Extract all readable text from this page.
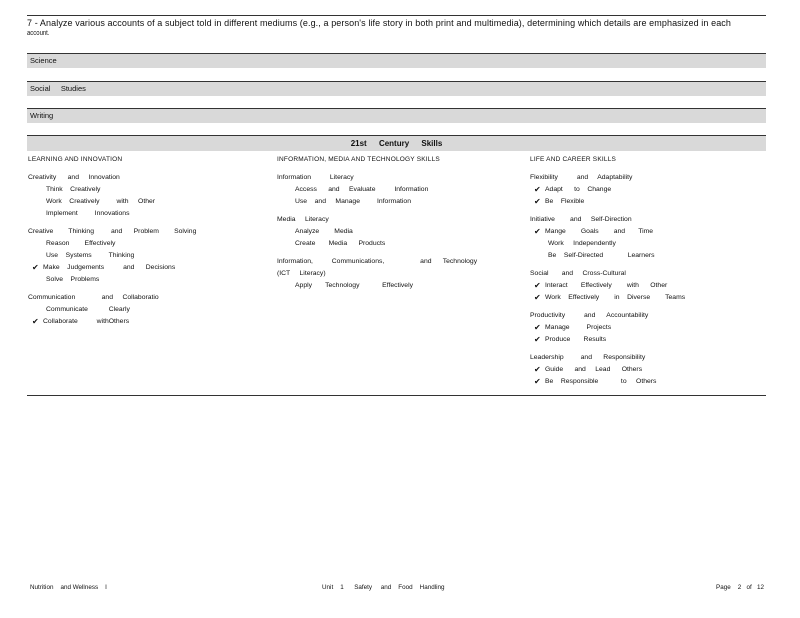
7 - Analyze various accounts of a subject told in different mediums (e.g., a person's life story in both print and multimedia), determining which details are emphasized in each
account.
Science
Social     Studies
Writing
21st Century Skills
LEARNING AND INNOVATION
Creativity      and     Innovation
Think    Creatively
Work    Creatively         with     Other
Implement         Innovations
Creative        Thinking         and      Problem        Solving
Reason        Effectively
Use    Systems         Thinking
✔ Make    Judgements          and      Decisions
Solve    Problems
Communication              and     Collaboratio
Communicate           Clearly
✔ Collaborate          withOthers
INFORMATION, MEDIA AND TECHNOLOGY SKILLS
Information          Literacy
Access      and     Evaluate          Information
Use    and     Manage         Information
Media     Literacy
Analyze        Media
Create       Media      Products
Information,          Communications,                   and      Technology
(ICT     Literacy)
Apply       Technology            Effectively
LIFE AND CAREER SKILLS
Flexibility          and     Adaptability
✔ Adapt      to    Change
✔ Be    Flexible
Initiative        and     Self-Direction
✔ Mange        Goals        and       Time
Work     Independently
Be    Self-Directed             Learners
Social       and     Cross-Cultural
✔ Interact       Effectively        with      Other
✔ Work    Effectively        in    Diverse        Teams
Productivity          and      Accountability
✔ Manage         Projects
✔ Produce       Results
Leadership         and      Responsibility
✔ Guide      and     Lead      Others
✔ Be    Responsible            to     Others
Nutrition    and Wellness    I	Unit    1      Safety     and    Food    Handling	Page    2   of   12
